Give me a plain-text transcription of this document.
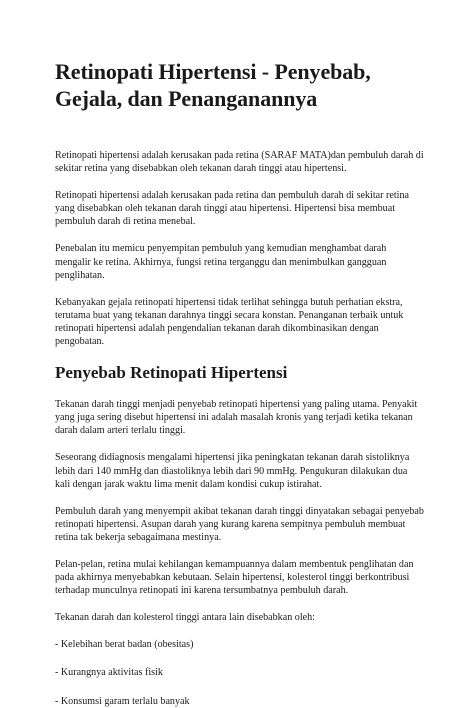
Retinopati Hipertensi - Penyebab, Gejala, dan Penanganannya

Retinopati hipertensi adalah kerusakan pada retina (SARAF MATA)dan pembuluh darah di sekitar retina yang disebabkan oleh tekanan darah tinggi atau hipertensi.

Retinopati hipertensi adalah kerusakan pada retina dan pembuluh darah di sekitar retina yang disebabkan oleh tekanan darah tinggi atau hipertensi. Hipertensi bisa membuat pembuluh darah di retina menebal.

Penebalan itu memicu penyempitan pembuluh yang kemudian menghambat darah mengalir ke retina. Akhirnya, fungsi retina terganggu dan menimbulkan gangguan penglihatan.

Kebanyakan gejala retinopati hipertensi tidak terlihat sehingga butuh perhatian ekstra, terutama buat yang tekanan darahnya tinggi secara konstan. Penanganan terbaik untuk retinopati hipertensi adalah pengendalian tekanan darah dikombinasikan dengan pengobatan.

Penyebab Retinopati Hipertensi

Tekanan darah tinggi menjadi penyebab retinopati hipertensi yang paling utama. Penyakit yang juga sering disebut hipertensi ini adalah masalah kronis yang terjadi ketika tekanan darah dalam arteri terlalu tinggi.

Seseorang didiagnosis mengalami hipertensi jika peningkatan tekanan darah sistoliknya lebih dari 140 mmHg dan diastoliknya lebih dari 90 mmHg. Pengukuran dilakukan dua kali dengan jarak waktu lima menit dalam kondisi cukup istirahat.

Pembuluh darah yang menyempit akibat tekanan darah tinggi dinyatakan sebagai penyebab retinopati hipertensi. Asupan darah yang kurang karena sempitnya pembuluh membuat retina tak bekerja sebagaimana mestinya.

Pelan-pelan, retina mulai kehilangan kemampuannya dalam membentuk penglihatan dan pada akhirnya menyebabkan kebutaan. Selain hipertensi, kolesterol tinggi berkontribusi terhadap munculnya retinopati ini karena tersumbatnya pembuluh darah.

Tekanan darah dan kolesterol tinggi antara lain disebabkan oleh:

- Kelebihan berat badan (obesitas)

- Kurangnya aktivitas fisik

- Konsumsi garam terlalu banyak
